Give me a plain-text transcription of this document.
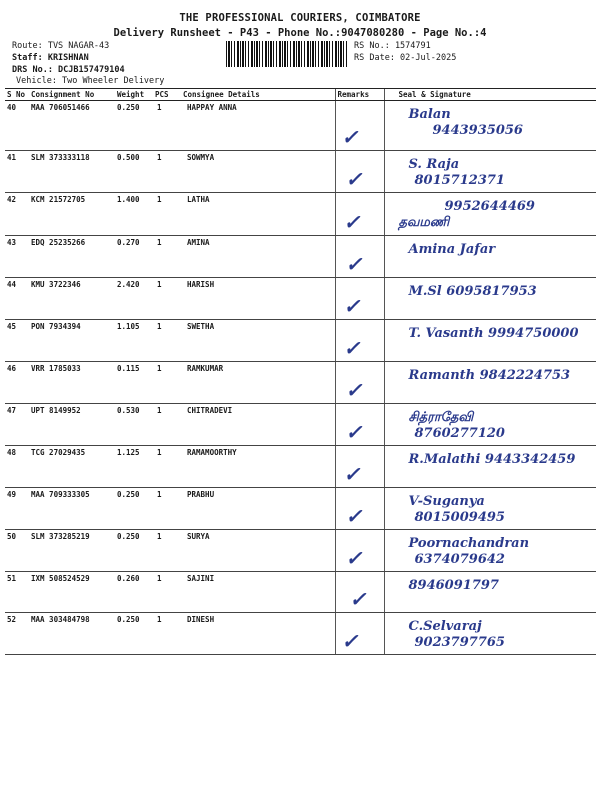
THE PROFESSIONAL COURIERS, COIMBATORE
Delivery Runsheet - P43 - Phone No.:9047080280 - Page No.:4
Route: TVS NAGAR-43
Staff: KRISHNAN
DRS No.: DCJB157479104
Vehicle: Two Wheeler Delivery
RS No.: 1574791
RS Date: 02-Jul-2025
S No	Consignment No	Weight	PCS	Consignee Details	Remarks	Seal & Signature
40	MAA 706051466	0.250	1	HAPPAY ANNA	✓	Balan
9443935056

41	SLM 373333118	0.500	1	SOWMYA	✓	S. Raja
8015712371

42	KCM 21572705	1.400	1	LATHA	✓	9952644469
தவமணி

43	EDQ 25235266	0.270	1	AMINA	✓	Amina Jafar

44	KMU 3722346	2.420	1	HARISH	✓	M.Sl 6095817953

45	PON 7934394	1.105	1	SWETHA	✓	T. Vasanth 9994750000

46	VRR 1785033	0.115	1	RAMKUMAR	✓	Ramanth 9842224753

47	UPT 8149952	0.530	1	CHITRADEVI	✓	சித்ராதேவி
8760277120

48	TCG 27029435	1.125	1	RAMAMOORTHY	✓	R.Malathi 9443342459

49	MAA 709333305	0.250	1	PRABHU	✓	V-Suganya
8015009495

50	SLM 373285219	0.250	1	SURYA	✓	Poornachandran
6374079642

51	IXM 508524529	0.260	1	SAJINI	✓	8946091797

52	MAA 303484798	0.250	1	DINESH	✓	C.Selvaraj
9023797765
